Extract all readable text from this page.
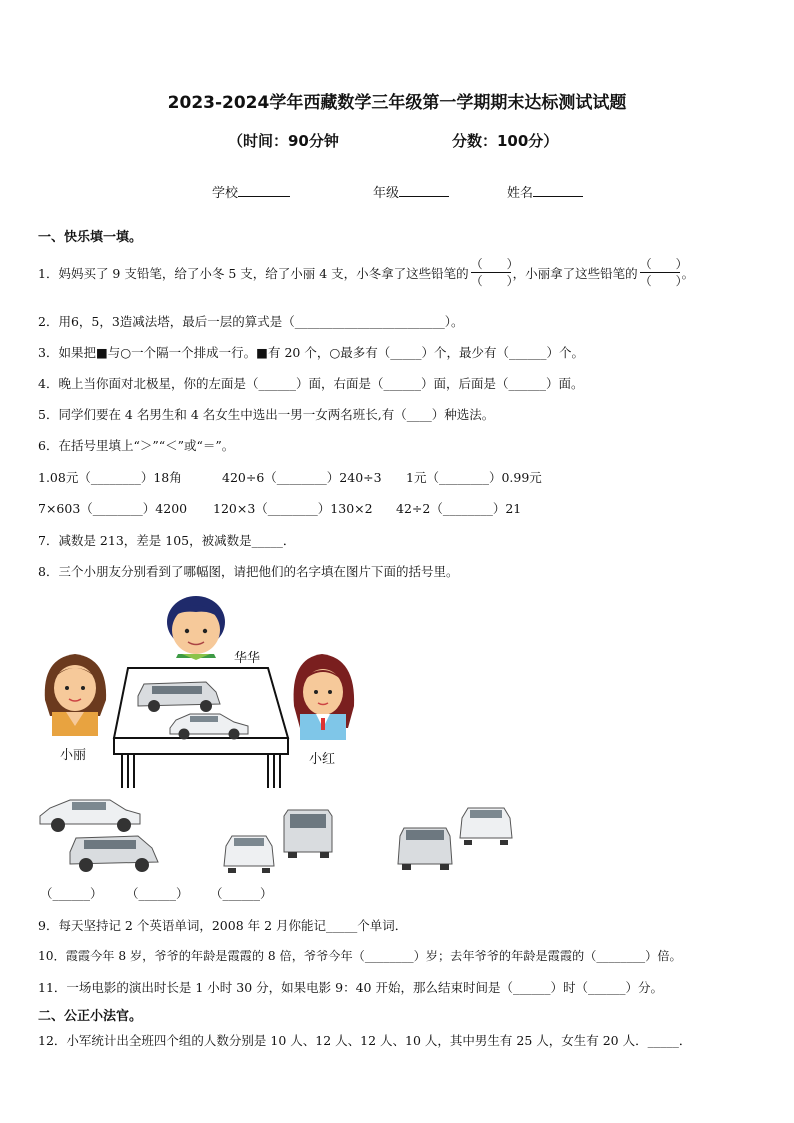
2023-2024学年西藏数学三年级第一学期期末达标测试试题
（时间：90分钟	分数：100分）
学校	年级	姓名
一、快乐填一填。
1．妈妈买了 9 支铅笔，给了小冬 5 支，给了小丽 4 支，小冬拿了这些铅笔的 $\frac{( )}{( )}$ ，小丽拿了这些铅笔的 $\frac{( )}{( )}$ 。
2．用6，5，3造减法塔，最后一层的算式是（________________________）。
3．如果把■与○一个隔一个排成一行。■有 20 个，○最多有（_____）个，最少有（______）个。
4．晚上当你面对北极星，你的左面是（______）面，右面是（______）面，后面是（______）面。
5．同学们要在 4 名男生和 4 名女生中选出一男一女两名班长,有（____）种选法。
6．在括号里填上“＞”“＜”或“＝”。
1.08元（________）18角	420÷6（________）240÷3 1元（________）0.99元
7×603（________）4200 120×3（________）130×2 42÷2（________）21
7．减数是 213，差是 105，被减数是_____．
8．三个小朋友分别看到了哪幅图，请把他们的名字填在图片下面的括号里。
华华
小丽	小红
（______） （______） （______）
9．每天坚持记 2 个英语单词，2008 年 2 月你能记_____个单词．
10．霞霞今年 8 岁，爷爷的年龄是霞霞的 8 倍，爷爷今年（________）岁；去年爷爷的年龄是霞霞的（________）倍。
11．一场电影的演出时长是 1 小时 30 分，如果电影 9：40 开始，那么结束时间是（______）时（______）分。
二、公正小法官。
12．小军统计出全班四个组的人数分别是 10 人、12 人、12 人、10 人，其中男生有 25 人，女生有 20 人．_____．
